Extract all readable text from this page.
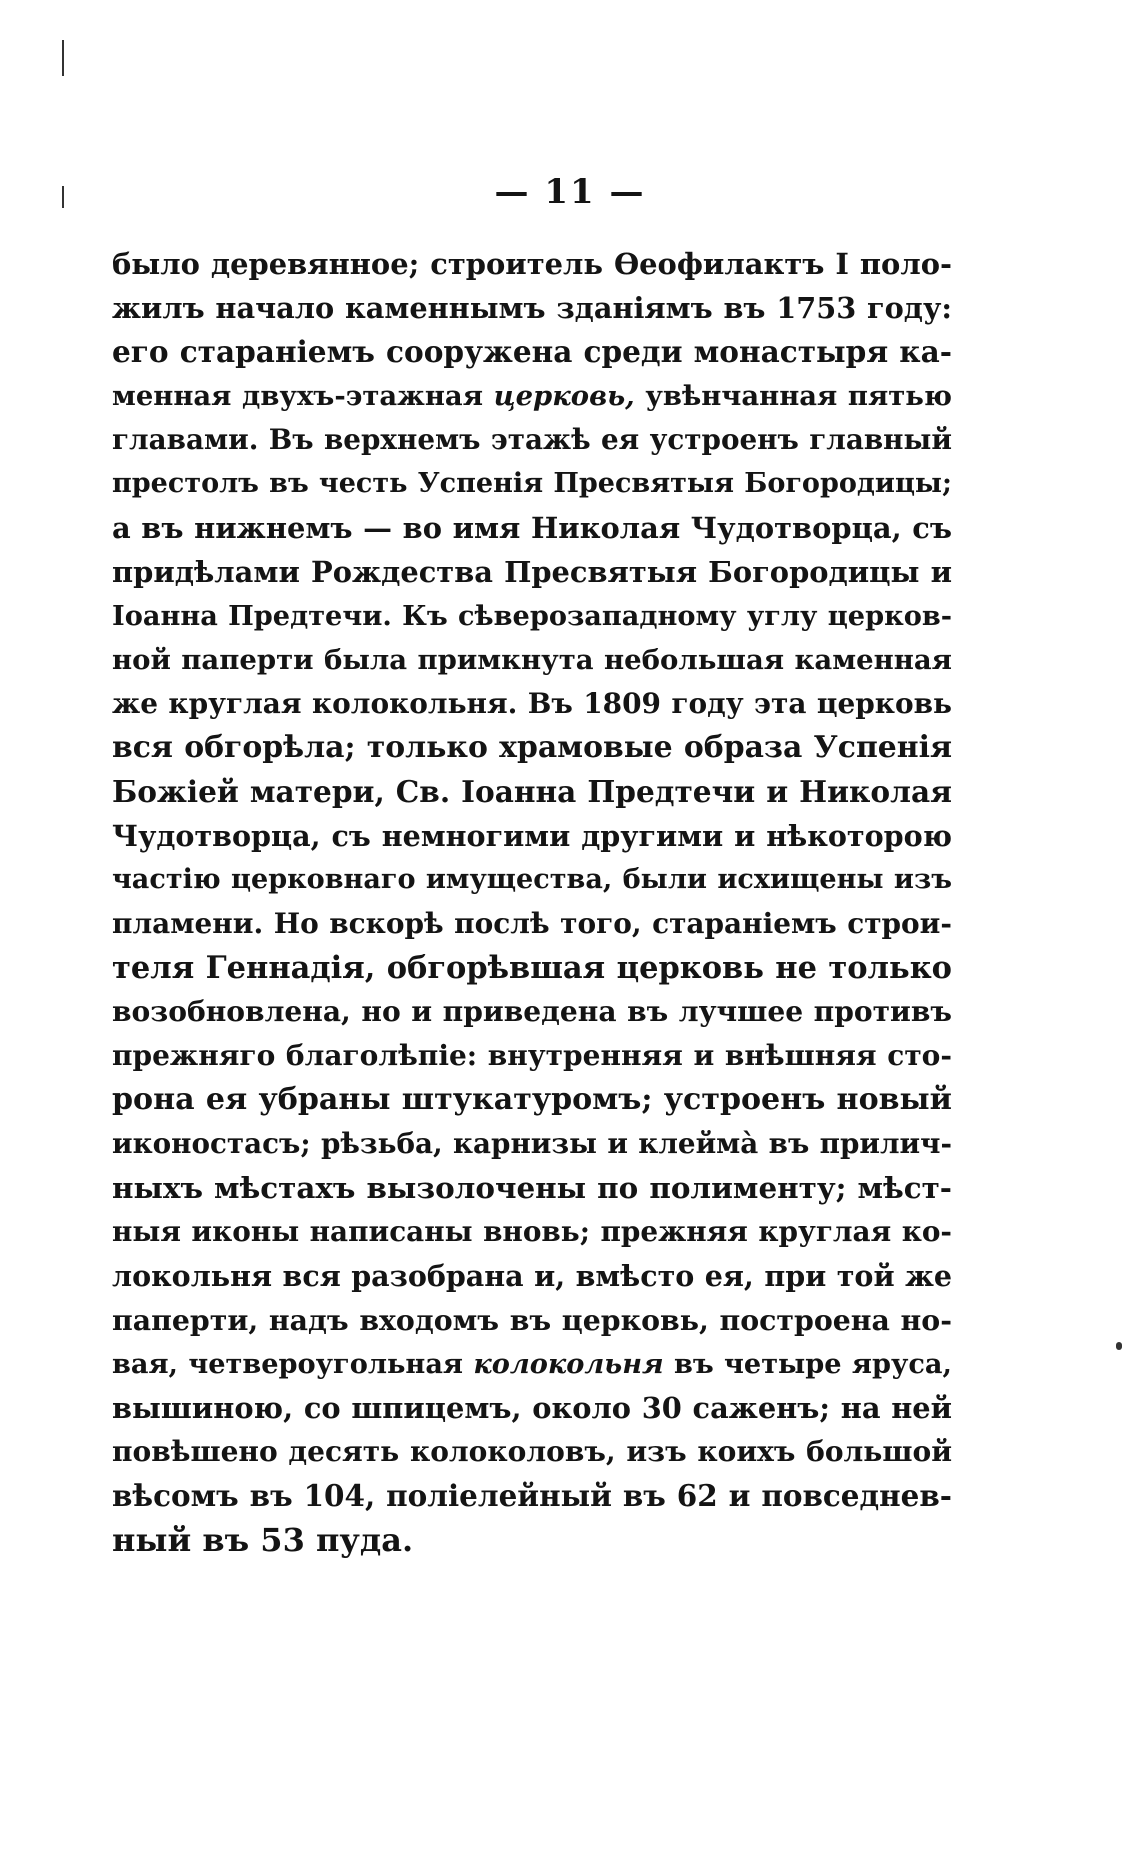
— 11 —
было деревянное; строитель Ѳеофилактъ I поло-
жилъ начало каменнымъ зданіямъ въ 1753 году:
его стараніемъ сооружена среди монастыря ка-
менная двухъ-этажная церковь, увѣнчанная пятью
главами. Въ верхнемъ этажѣ ея устроенъ главный
престолъ въ честь Успенія Пресвятыя Богородицы;
а въ нижнемъ — во имя Николая Чудотворца, съ
придѣлами Рождества Пресвятыя Богородицы и
Іоанна Предтечи. Къ сѣверозападному углу церков-
ной паперти была примкнута небольшая каменная
же круглая колокольня. Въ 1809 году эта церковь
вся обгорѣла; только храмовые образа Успенія
Божіей матери, Св. Іоанна Предтечи и Николая
Чудотворца, съ немногими другими и нѣкоторою
частію церковнаго имущества, были исхищены изъ
пламени. Но вскорѣ послѣ того, стараніемъ строи-
теля Геннадія, обгорѣвшая церковь не только
возобновлена, но и приведена въ лучшее противъ
прежняго благолѣпіе: внутренняя и внѣшняя сто-
рона ея убраны штукатуромъ; устроенъ новый
иконостасъ; рѣзьба, карнизы и клеймà въ прилич-
ныхъ мѣстахъ вызолочены по полименту; мѣст-
ныя иконы написаны вновь; прежняя круглая ко-
локольня вся разобрана и, вмѣсто ея, при той же
паперти, надъ входомъ въ церковь, построена но-
вая, четвероугольная колокольня въ четыре яруса,
вышиною, со шпицемъ, около 30 саженъ; на ней
повѣшено десять колоколовъ, изъ коихъ большой
вѣсомъ въ 104, поліелейный въ 62 и повседнев-
ный въ 53 пуда.
